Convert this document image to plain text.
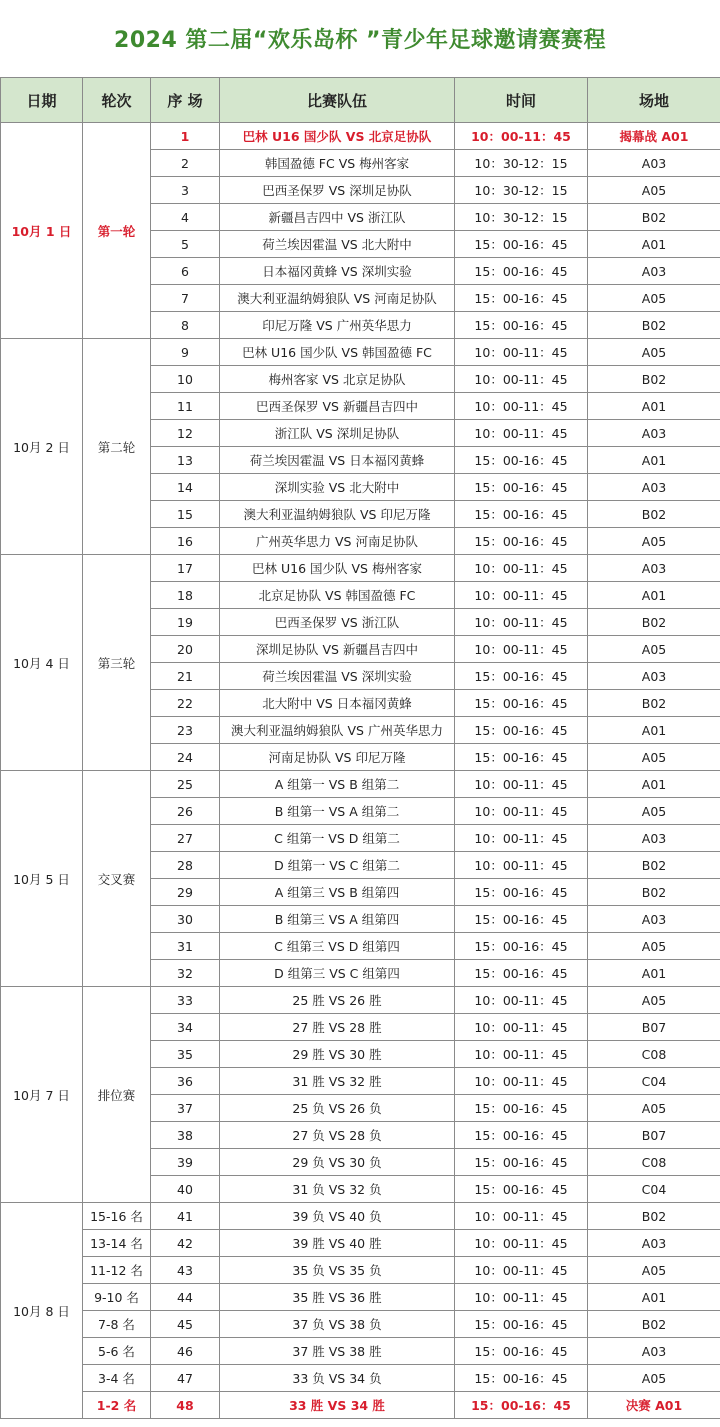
2024 第二届“欢乐岛杯 ”青少年足球邀请赛赛程
日期	轮次	序 场	比赛队伍	时间	场地
10月 1 日	第一轮	1	巴林 U16 国少队 VS 北京足协队	10：00-11：45	揭幕战 A01
		2	韩国盈德 FC VS 梅州客家	10：30-12：15	A03
		3	巴西圣保罗 VS 深圳足协队	10：30-12：15	A05
		4	新疆昌吉四中 VS 浙江队	10：30-12：15	B02
		5	荷兰埃因霍温 VS 北大附中	15：00-16：45	A01
		6	日本福冈黄蜂 VS 深圳实验	15：00-16：45	A03
		7	澳大利亚温纳姆狼队 VS 河南足协队	15：00-16：45	A05
		8	印尼万隆 VS 广州英华思力	15：00-16：45	B02
10月 2 日	第二轮	9	巴林 U16 国少队 VS 韩国盈德 FC	10：00-11：45	A05
		10	梅州客家 VS 北京足协队	10：00-11：45	B02
		11	巴西圣保罗 VS 新疆昌吉四中	10：00-11：45	A01
		12	浙江队 VS 深圳足协队	10：00-11：45	A03
		13	荷兰埃因霍温 VS 日本福冈黄蜂	15：00-16：45	A01
		14	深圳实验 VS 北大附中	15：00-16：45	A03
		15	澳大利亚温纳姆狼队 VS 印尼万隆	15：00-16：45	B02
		16	广州英华思力 VS 河南足协队	15：00-16：45	A05
10月 4 日	第三轮	17	巴林 U16 国少队 VS 梅州客家	10：00-11：45	A03
		18	北京足协队 VS 韩国盈德 FC	10：00-11：45	A01
		19	巴西圣保罗 VS 浙江队	10：00-11：45	B02
		20	深圳足协队 VS 新疆昌吉四中	10：00-11：45	A05
		21	荷兰埃因霍温 VS 深圳实验	15：00-16：45	A03
		22	北大附中 VS 日本福冈黄蜂	15：00-16：45	B02
		23	澳大利亚温纳姆狼队 VS 广州英华思力	15：00-16：45	A01
		24	河南足协队 VS 印尼万隆	15：00-16：45	A05
10月 5 日	交叉赛	25	A 组第一 VS B 组第二	10：00-11：45	A01
		26	B 组第一 VS A 组第二	10：00-11：45	A05
		27	C 组第一 VS D 组第二	10：00-11：45	A03
		28	D 组第一 VS C 组第二	10：00-11：45	B02
		29	A 组第三 VS B 组第四	15：00-16：45	B02
		30	B 组第三 VS A 组第四	15：00-16：45	A03
		31	C 组第三 VS D 组第四	15：00-16：45	A05
		32	D 组第三 VS C 组第四	15：00-16：45	A01
10月 7 日	排位赛	33	25 胜 VS 26 胜	10：00-11：45	A05
		34	27 胜 VS 28 胜	10：00-11：45	B07
		35	29 胜 VS 30 胜	10：00-11：45	C08
		36	31 胜 VS 32 胜	10：00-11：45	C04
		37	25 负 VS 26 负	15：00-16：45	A05
		38	27 负 VS 28 负	15：00-16：45	B07
		39	29 负 VS 30 负	15：00-16：45	C08
		40	31 负 VS 32 负	15：00-16：45	C04
10月 8 日	15-16 名	41	39 负 VS 40 负	10：00-11：45	B02
	13-14 名	42	39 胜 VS 40 胜	10：00-11：45	A03
	11-12 名	43	35 负 VS 35 负	10：00-11：45	A05
	9-10 名	44	35 胜 VS 36 胜	10：00-11：45	A01
	7-8 名	45	37 负 VS 38 负	15：00-16：45	B02
	5-6 名	46	37 胜 VS 38 胜	15：00-16：45	A03
	3-4 名	47	33 负 VS 34 负	15：00-16：45	A05
	1-2 名	48	33 胜 VS 34 胜	15：00-16：45	决赛 A01
